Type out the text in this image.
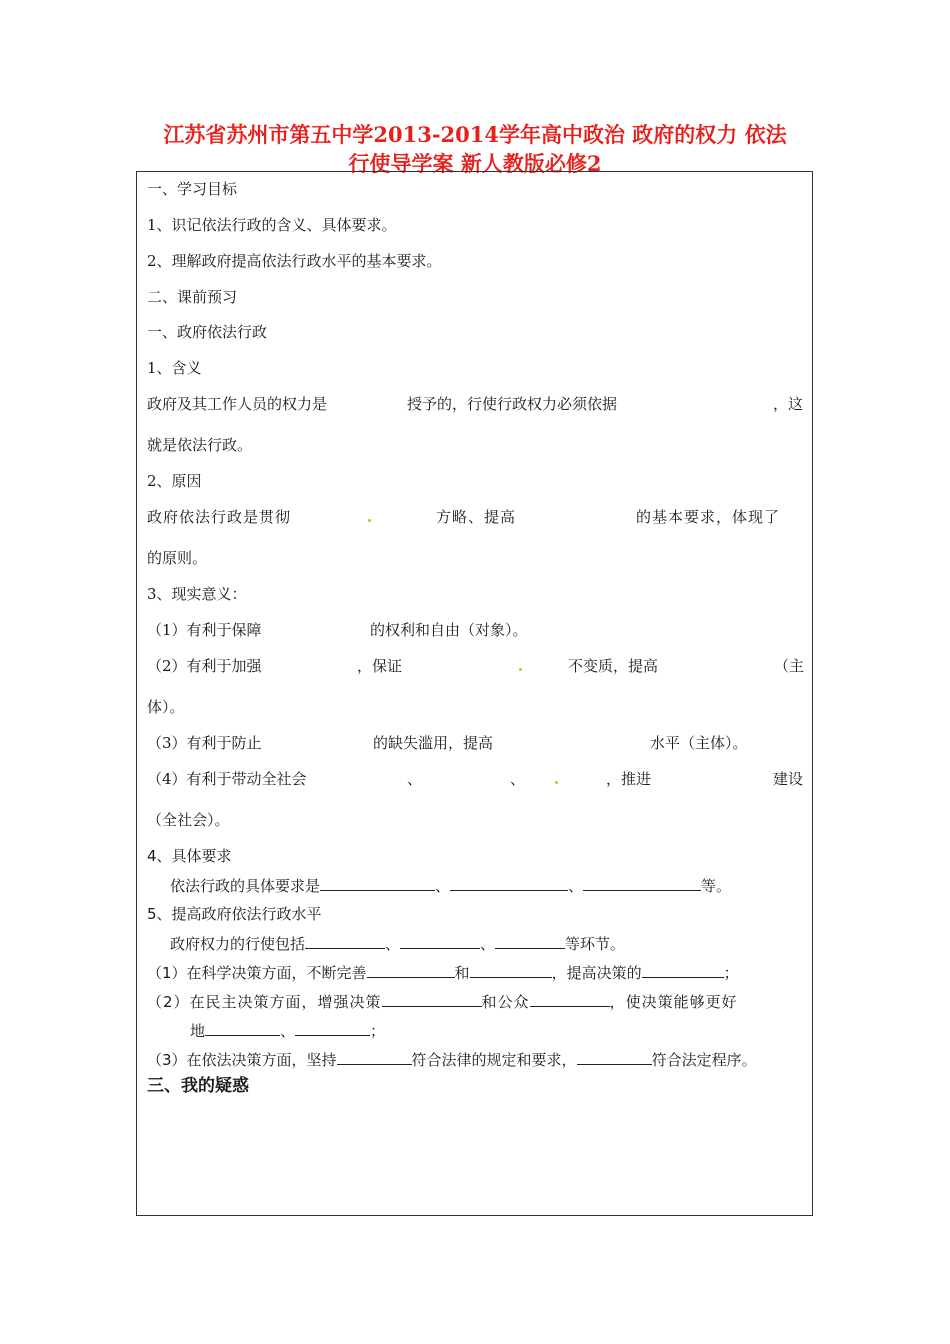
江苏省苏州市第五中学2013-2014学年高中政治 政府的权力 依法
行使导学案 新人教版必修2
一、学习目标
1、识记依法行政的含义、具体要求。
2、理解政府提高依法行政水平的基本要求。
二、课前预习
一、政府依法行政
1、含义
政府及其工作人员的权力是	授予的，行使行政权力必须依据	，这
就是依法行政。
2、原因
政府依法行政是贯彻	方略、提高	的基本要求，体现了
的原则。
3、现实意义：
（1）有利于保障	的权利和自由（对象）。
（2）有利于加强	，保证	不变质，提高	（主
体）。
（3）有利于防止	的缺失滥用，提高	水平（主体）。
（4）有利于带动全社会	、	、	，推进	建设
（全社会）。
4、具体要求
依法行政的具体要求是	、	、	等。
5、提高政府依法行政水平
政府权力的行使包括	、	、	等环节。
（1）在科学决策方面，不断完善	和	，提高决策的	；
（2）在民主决策方面，增强决策	和公众	，使决策能够更好
地	、	；
（3）在依法决策方面，坚持	符合法律的规定和要求，	符合法定程序。
三、我的疑惑
